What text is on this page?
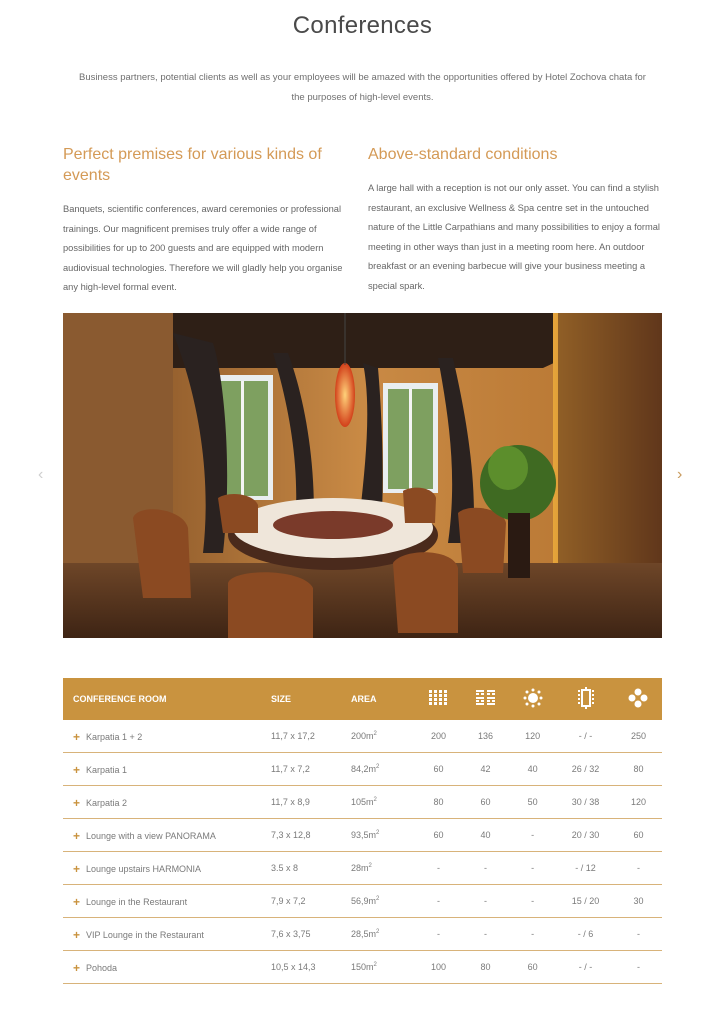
Conferences

Business partners, potential clients as well as your employees will be amazed with the opportunities offered by Hotel Zochova chata for the purposes of high-level events.

Perfect premises for various kinds of events

Banquets, scientific conferences, award ceremonies or professional trainings. Our magnificent premises truly offer a wide range of possibilities for up to 200 guests and are equipped with modern audiovisual technologies. Therefore we will gladly help you organise any high-level formal event.

Above-standard conditions

A large hall with a reception is not our only asset. You can find a stylish restaurant, an exclusive Wellness & Spa centre set in the untouched nature of the Little Carpathians and many possibilities to enjoy a formal meeting in other ways than just in a meeting room here. An outdoor breakfast or an evening barbecue will give your business meeting a special spark.

‹	›
CONFERENCE ROOM	SIZE	AREA					
+ Karpatia 1 + 2	11,7 x 17,2	$200m^2$	200	136	120	- / -	250
+ Karpatia 1	11,7 x 7,2	$84,2m^2$	60	42	40	26 / 32	80
+ Karpatia 2	11,7 x 8,9	$105m^2$	80	60	50	30 / 38	120
+ Lounge with a view PANORAMA	7,3 x 12,8	$93,5m^2$	60	40	-	20 / 30	60
+ Lounge upstairs HARMONIA	3.5 x 8	$28m^2$	-	-	-	- / 12	-
+ Lounge in the Restaurant	7,9 x 7,2	$56,9m^2$	-	-	-	15 / 20	30
+ VIP Lounge in the Restaurant	7,6 x 3,75	$28,5m^2$	-	-	-	- / 6	-
+ Pohoda	10,5 x 14,3	$150m^2$	100	80	60	- / -	-
